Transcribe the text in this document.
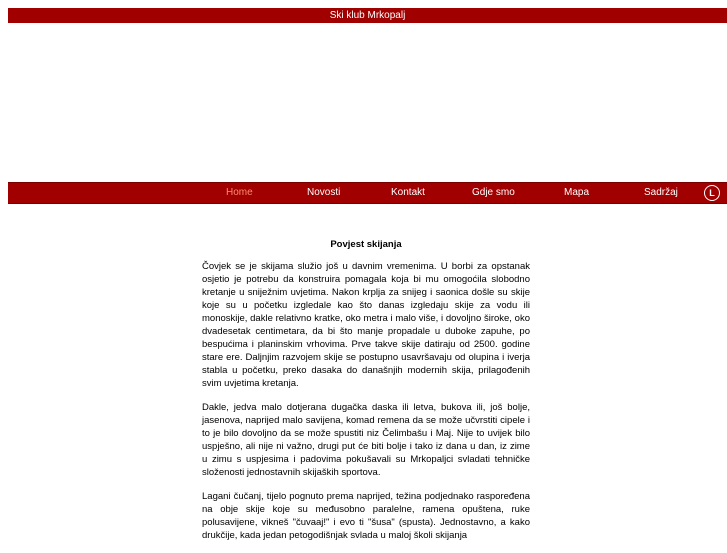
Ski klub Mrkopalj
Home	Novosti	Kontakt	Gdje smo	Mapa	Sadržaj	L
Povjest skijanja

Čovjek se je skijama služio još u davnim vremenima. U borbi za opstanak osjetio je potrebu da konstruira pomagala koja bi mu omogoćila slobodno kretanje u snijеžnim uvjetima. Nakon krplja za snijeg i saonica došle su skije koje su u početku izgledale kao što danas izgledaju skije za vodu ili monoskije, dakle relativno kratke, oko metra i malo više, i dovoljno široke, oko dvadesetak centimetara, da bi što manje propadale u duboke zapuhe, po bespućima i planinskim vrhovima. Prve takve skije datiraju od 2500. godine stare ere. Daljnjim razvojem skije se postupno usavršavaju od olupina i iverja stabla u početku, preko dasaka do današnjih modernih skija, prilagođenih svim uvjetima kretanja.

Dakle, jedva malo dotjerana dugačka daska ili letva, bukova ili, još bolje, jasenova, naprijed malo savijena, komad remena da se može učvrstiti cipele i to je bilo dovoljno da se može spustiti niz Čelimbašu i Maj. Nije to uvijek bilo uspješno, ali nije ni važno, drugi put će biti bolje i tako iz dana u dan, iz zime u zimu s uspjesima i padovima pokušavali su Mrkopaljci svladati tehničke složenosti jednostavnih skijaških sportova.

Lagani čučanj, tijelo pognuto prema naprijed, težina podjednako raspoređena na obje skije koje su međusobno paralelne, ramena opuštena, ruke polusavijene, vikneš "čuvaaj!" i evo ti "šusa" (spusta). Jednostavno, a kako drukčije, kada jedan petogodišnjak svlada u maloj školi skijanja
